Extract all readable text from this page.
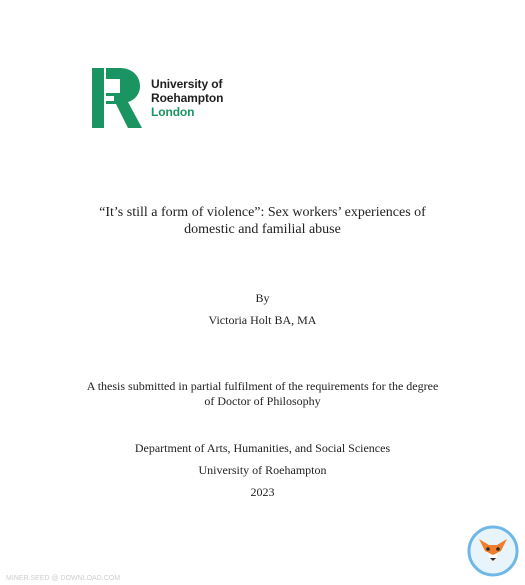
University of
Roehampton
London
“It’s still a form of violence”: Sex workers’ experiences of
domestic and familial abuse
By
Victoria Holt BA, MA
A thesis submitted in partial fulfilment of the requirements for the degree
of Doctor of Philosophy
Department of Arts, Humanities, and Social Sciences
University of Roehampton
2023
MINER.SEED @ DOWNLOAD.COM
